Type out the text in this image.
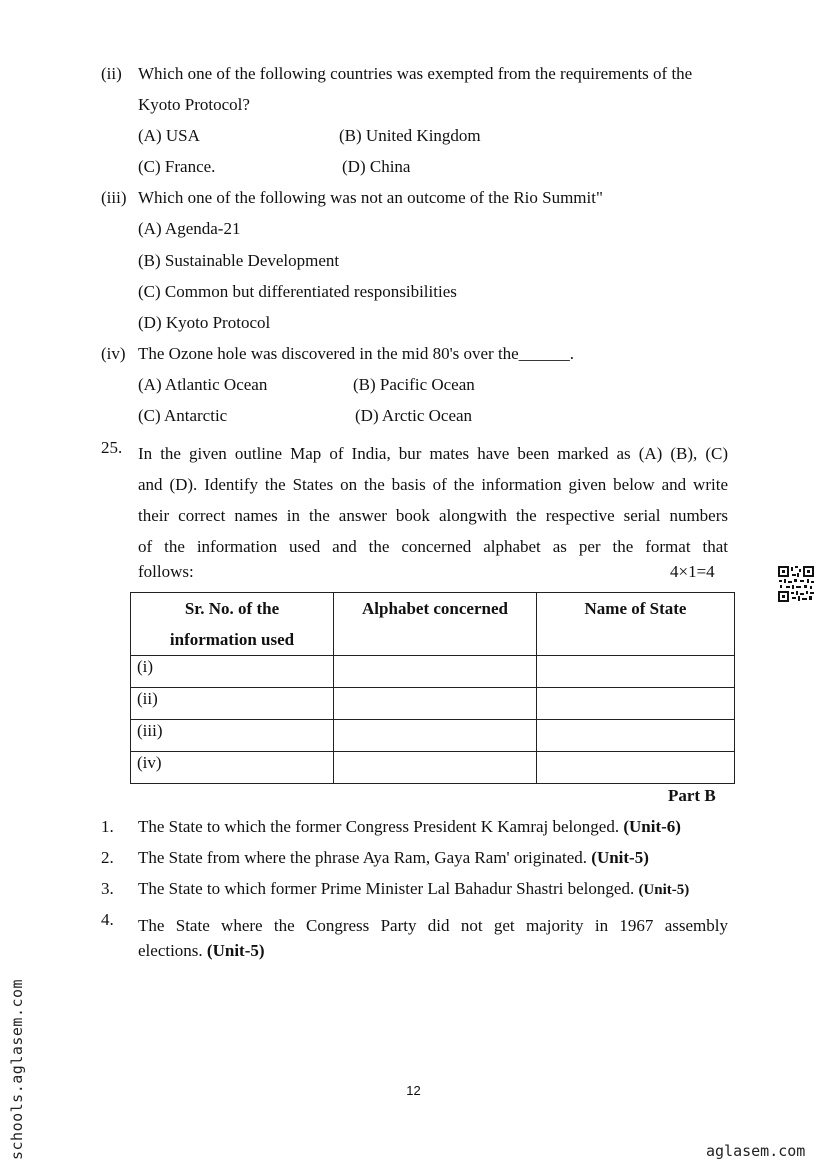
(ii) Which one of the following countries was exempted from the requirements of the
Kyoto Protocol?
(A) USA	(B) United Kingdom
(C) France.	(D) China
(iii) Which one of the following was not an outcome of the Rio Summit"
(A) Agenda-21
(B) Sustainable Development
(C) Common but differentiated responsibilities
(D) Kyoto Protocol
(iv) The Ozone hole was discovered in the mid 80's over the______.
(A) Atlantic Ocean	(B) Pacific Ocean
(C) Antarctic	(D) Arctic Ocean
25. In the given outline Map of India, bur mates have been marked as (A) (B), (C)
and (D). Identify the States on the basis of the information given below and write
their correct names in the answer book alongwith the respective serial numbers
of the information used and the concerned alphabet as per the format that
follows:	4×1=4
Sr. No. of the
information used	Alphabet concerned	Name of State
(i)		
(ii)		
(iii)		
(iv)		
Part B
1. The State to which the former Congress President K Kamraj belonged. (Unit-6)
2. The State from where the phrase Aya Ram, Gaya Ram' originated. (Unit-5)
3. The State to which former Prime Minister Lal Bahadur Shastri belonged. (Unit-5)
4. The State where the Congress Party did not get majority in 1967 assembly
elections. (Unit-5)
12
schools.aglasem.com	aglasem.com
